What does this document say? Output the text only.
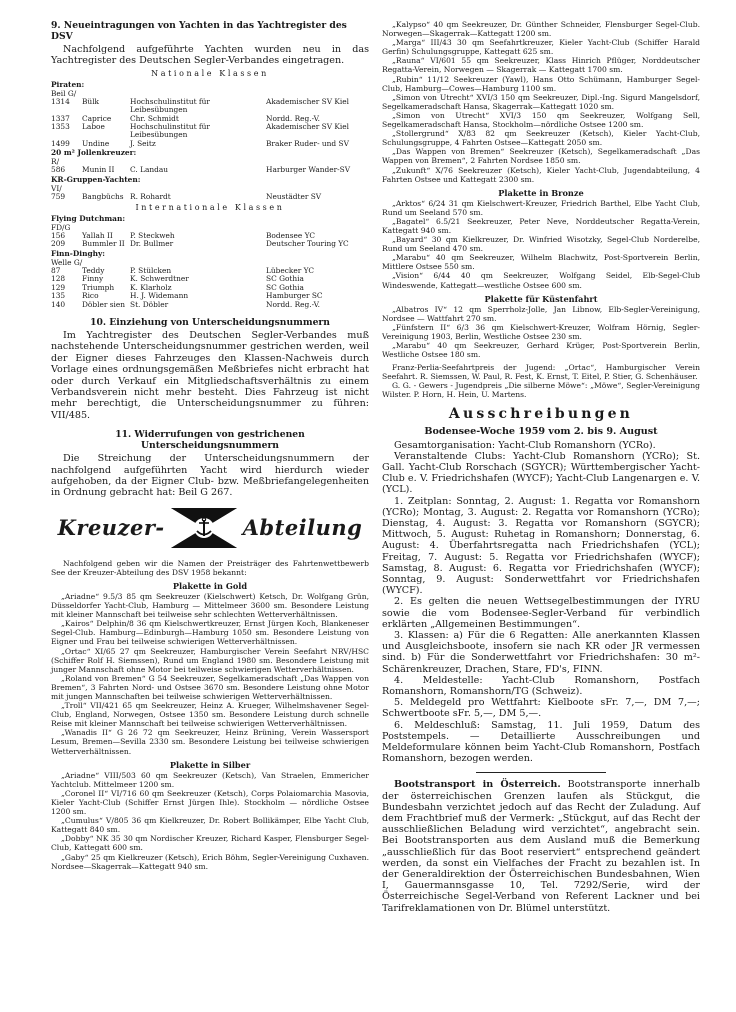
9. Neueintragungen von Yachten in das Yachtregister des DSV

Nachfolgend aufgeführte Yachten wurden neu in das Yachtregister des Deutschen Segler-Verbandes eingetragen.

Nationale Klassen
Piraten:
Beil G/
1314	Bülk	Hochschulinstitut für Leibesübungen	Akademischer SV Kiel
1337	Caprice	Chr. Schmidt	Nordd. Reg.-V.
1353	Laboe	Hochschulinstitut für Leibesübungen	Akademischer SV Kiel
1499	Undine	J. Seitz	Braker Ruder- und SV
20 m² Jollenkreuzer:
R/
586	Munin II	C. Landau	Harburger Wander-SV
KR-Gruppen-Yachten:
VI/
759	Bangbüchs	R. Rohardt	Neustädter SV
Internationale Klassen
Flying Dutchman:
FD/G
156	Yallah II	P. Steckweh	Bodensee YC
209	Bummler II	Dr. Bullmer	Deutscher Touring YC
Finn-Dinghy:
Welle G/
87	Teddy	P. Stülcken	Lübecker YC
128	Finny	K. Schwerdtner	SC Gothia
129	Triumph	K. Klarholz	SC Gothia
135	Rico	H. J. Widemann	Hamburger SC
140	Döbler sien	St. Döbler	Nordd. Reg.-V.
10. Einziehung von Unterscheidungsnummern

Im Yachtregister des Deutschen Segler-Verbandes muß nachstehende Unterscheidungsnummer gestrichen werden, weil der Eigner dieses Fahrzeuges den Klassen-Nachweis durch Vorlage eines ordnungsgemäßen Meßbriefes nicht erbracht hat oder durch Verkauf ein Mitgliedschaftsverhältnis zu einem Verbandsverein nicht mehr besteht. Dies Fahrzeug ist nicht mehr berechtigt, die Unterscheidungsnummer zu führen: VII/485.

11. Widerrufungen von gestrichenen
Unterscheidungsnummern

Die Streichung der Unterscheidungsnummern der nachfolgend aufgeführten Yacht wird hierdurch wieder aufgehoben, da der Eigner Club- bzw. Meßbriefangelegenheiten in Ordnung gebracht hat: Beil G 267.

Kreuzer-	Abteilung

Nachfolgend geben wir die Namen der Preisträger des Fahrtenwettbewerb See der Kreuzer-Abteilung des DSV 1958 bekannt:

Plakette in Gold

„Ariadne“ 9.5/3 85 qm Seekreuzer (Kielschwert) Ketsch, Dr. Wolfgang Grün, Düsseldorfer Yacht-Club, Hamburg — Mittelmeer 3600 sm. Besondere Leistung mit kleiner Mannschaft bei teilweise sehr schlechten Wetterverhältnissen.

„Kairos“ Delphin/8 36 qm Kielschwertkreuzer, Ernst Jürgen Koch, Blankeneser Segel-Club. Hamburg—Edinburgh—Hamburg 1050 sm. Besondere Leistung von Eigner und Frau bei teilweise schwierigen Wetterverhältnissen.

„Ortac“ XI/65 27 qm Seekreuzer, Hamburgischer Verein Seefahrt NRV/HSC (Schiffer Rolf H. Siemssen), Rund um England 1980 sm. Besondere Leistung mit junger Mannschaft ohne Motor bei teilweise schwierigen Wetterverhältnissen.

„Roland von Bremen“ G 54 Seekreuzer, Segelkameradschaft „Das Wappen von Bremen“, 3 Fahrten Nord- und Ostsee 3670 sm. Besondere Leistung ohne Motor mit jungen Mannschaften bei teilweise schwierigen Wetterverhältnissen.

„Troll“ VII/421 65 qm Seekreuzer, Heinz A. Krueger, Wilhelmshavener Segel-Club, England, Norwegen, Ostsee 1350 sm. Besondere Leistung durch schnelle Reise mit kleiner Mannschaft bei teilweise schwierigen Wetterverhältnissen.

„Wanadis II“ G 26 72 qm Seekreuzer, Heinz Brüning, Verein Wassersport Lesum, Bremen—Sevilla 2330 sm. Besondere Leistung bei teilweise schwierigen Wetterverhältnissen.

Plakette in Silber

„Ariadne“ VIII/503 60 qm Seekreuzer (Ketsch), Van Straelen, Emmericher Yachtclub. Mittelmeer 1200 sm.

„Coronel II“ VI/716 60 qm Seekreuzer (Ketsch), Corps Polaiomarchia Masovia, Kieler Yacht-Club (Schiffer Ernst Jürgen Ihle). Stockholm — nördliche Ostsee 1200 sm.

„Cumulus“ V/805 36 qm Kielkreuzer, Dr. Robert Bollikämper, Elbe Yacht Club, Kattegatt 840 sm.

„Dobby“ NK 35 30 qm Nordischer Kreuzer, Richard Kasper, Flensburger Segel-Club, Kattegatt 600 sm.

„Gaby“ 25 qm Kielkreuzer (Ketsch), Erich Böhm, Segler-Vereinigung Cuxhaven. Nordsee—Skagerrak—Kattegatt 940 sm.

„Kalypso“ 40 qm Seekreuzer, Dr. Günther Schneider, Flensburger Segel-Club. Norwegen—Skagerrak—Kattegatt 1200 sm.

„Marga“ III/43 30 qm Seefahrtkreuzer, Kieler Yacht-Club (Schiffer Harald Gerfin) Schulungsgruppe, Kattegatt 625 sm.

„Rauna“ VI/601 55 qm Seekreuzer, Klass Hinrich Pflüger, Norddeutscher Regatta-Verein, Norwegen — Skagerrak — Kattegatt 1700 sm.

„Rubin“ 11/12 Seekreuzer (Yawl), Hans Otto Schümann, Hamburger Segel-Club, Hamburg—Cowes—Hamburg 1100 sm.

„Simon von Utrecht“ XVI/3 150 qm Seekreuzer, Dipl.-Ing. Sigurd Mangelsdorf, Segelkameradschaft Hansa, Skagerrak—Kattegatt 1020 sm.

„Simon von Utrecht“ XVI/3 150 qm Seekreuzer, Wolfgang Sell, Segelkameradschaft Hansa, Stockholm—nördliche Ostsee 1200 sm.

„Stollergrund“ X/83 82 qm Seekreuzer (Ketsch), Kieler Yacht-Club, Schulungsgruppe, 4 Fahrten Ostsee—Kattegatt 2050 sm.

„Das Wappen von Bremen“ Seekreuzer (Ketsch), Segelkameradschaft „Das Wappen von Bremen“, 2 Fahrten Nordsee 1850 sm.

„Zukunft“ X/76 Seekreuzer (Ketsch), Kieler Yacht-Club, Jugendabteilung, 4 Fahrten Ostsee und Kattegatt 2300 sm.

Plakette in Bronze

„Arktos“ 6/24 31 qm Kielschwert-Kreuzer, Friedrich Barthel, Elbe Yacht Club, Rund um Seeland 570 sm.

„Bagatel“ 6.5/21 Seekreuzer, Peter Neve, Norddeutscher Regatta-Verein, Kattegatt 940 sm.

„Bayard“ 30 qm Kielkreuzer, Dr. Winfried Wisotzky, Segel-Club Norderelbe, Rund um Seeland 470 sm.

„Marabu“ 40 qm Seekreuzer, Wilhelm Blachwitz, Post-Sportverein Berlin, Mittlere Ostsee 550 sm.

„Vision“ 6/44 40 qm Seekreuzer, Wolfgang Seidel, Elb-Segel-Club Windeswende, Kattegatt—westliche Ostsee 600 sm.

Plakette für Küstenfahrt

„Albatros IV“ 12 qm Sperrholz-Jolle, Jan Libnow, Elb-Segler-Vereinigung, Nordsee — Wattfahrt 270 sm.

„Fünfstern II“ 6/3 36 qm Kielschwert-Kreuzer, Wolfram Hörnig, Segler-Vereinigung 1903, Berlin, Westliche Ostsee 230 sm.

„Marabu“ 40 qm Seekreuzer, Gerhard Krüger, Post-Sportverein Berlin, Westliche Ostsee 180 sm.

Franz-Perlia-Seefahrtpreis der Jugend: „Ortac“, Hamburgischer Verein Seefahrt. R. Siemssen, W. Paul, R. Fest, K. Ernst, T. Eitel, P. Stier, G. Schenhäuser.

G. G. - Gewers - Jugendpreis „Die silberne Möwe“: „Möwe“, Segler-Vereinigung Wilster. P. Horn, H. Hein, U. Martens.

Ausschreibungen
Bodensee-Woche 1959 vom 2. bis 9. August

Gesamtorganisation: Yacht-Club Romanshorn (YCRo).

Veranstaltende Clubs: Yacht-Club Romanshorn (YCRo); St. Gall. Yacht-Club Rorschach (SGYCR); Württembergischer Yacht-Club e. V. Friedrichshafen (WYCF); Yacht-Club Langenargen e. V. (YCL).

1. Zeitplan: Sonntag, 2. August: 1. Regatta vor Romanshorn (YCRo); Montag, 3. August: 2. Regatta vor Romanshorn (YCRo); Dienstag, 4. August: 3. Regatta vor Romanshorn (SGYCR); Mittwoch, 5. August: Ruhetag in Romanshorn; Donnerstag, 6. August: 4. Überfahrtsregatta nach Friedrichshafen (YCL); Freitag, 7. August: 5. Regatta vor Friedrichshafen (WYCF); Samstag, 8. August: 6. Regatta vor Friedrichshafen (WYCF); Sonntag, 9. August: Sonderwettfahrt vor Friedrichshafen (WYCF).

2. Es gelten die neuen Wettsegelbestimmungen der IYRU sowie die vom Bodensee-Segler-Verband für verbindlich erklärten „Allgemeinen Bestimmungen“.

3. Klassen: a) Für die 6 Regatten: Alle anerkannten Klassen und Ausgleichsboote, insofern sie nach KR oder JR vermessen sind. b) Für die Sonderwettfahrt vor Friedrichshafen: 30 m²-Schärenkreuzer, Drachen, Stare, FD's, FINN.

4. Meldestelle: Yacht-Club Romanshorn, Postfach Romanshorn, Romanshorn/TG (Schweiz).

5. Meldegeld pro Wettfahrt: Kielboote sFr. 7,—, DM 7,—; Schwertboote sFr. 5,—, DM 5,—.

6. Meldeschluß: Samstag, 11. Juli 1959, Datum des Poststempels. — Detaillierte Ausschreibungen und Meldeformulare können beim Yacht-Club Romanshorn, Postfach Romanshorn, bezogen werden.

Bootstransport in Österreich. Bootstransporte innerhalb der österreichischen Grenzen laufen als Stückgut, die Bundesbahn verzichtet jedoch auf das Recht der Zuladung. Auf dem Frachtbrief muß der Vermerk: „Stückgut, auf das Recht der ausschließlichen Beladung wird verzichtet“, angebracht sein. Bei Bootstransporten aus dem Ausland muß die Bemerkung „ausschließlich für das Boot reserviert“ entsprechend geändert werden, da sonst ein Vielfaches der Fracht zu bezahlen ist. In der Generaldirektion der Österreichischen Bundesbahnen, Wien I, Gauermannsgasse 10, Tel. 7292/Serie, wird der Österreichische Segel-Verband von Referent Lackner und bei Tarifreklamationen von Dr. Blümel unterstützt.
